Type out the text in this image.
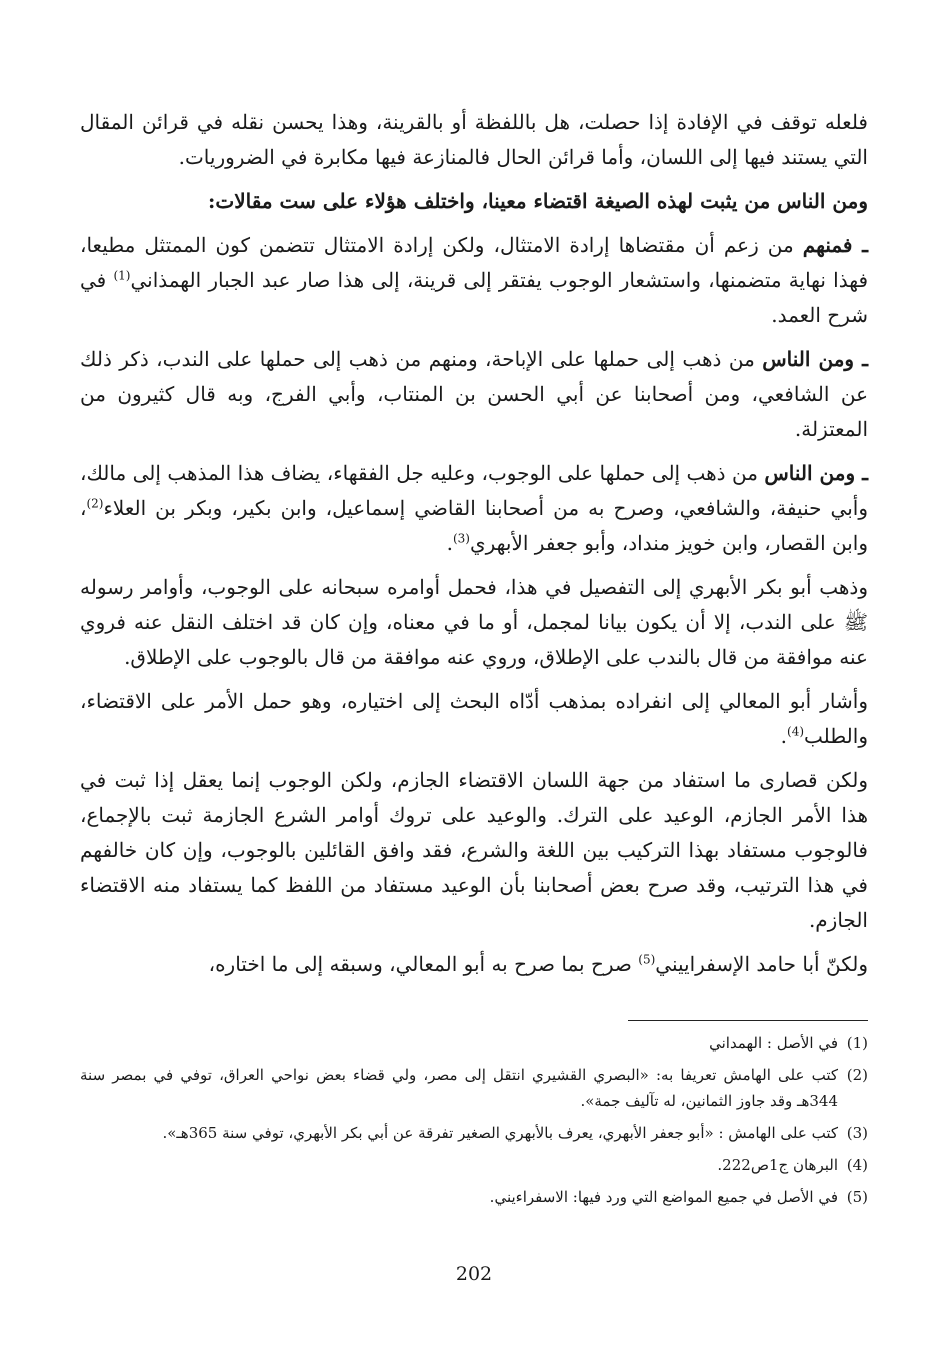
فلعله توقف في الإفادة إذا حصلت، هل باللفظة أو بالقرينة، وهذا يحسن نقله في قرائن المقال التي يستند فيها إلى اللسان، وأما قرائن الحال فالمنازعة فيها مكابرة في الضروريات.

ومن الناس من يثبت لهذه الصيغة اقتضاء معينا، واختلف هؤلاء على ست مقالات:

ـ فمنهم من زعم أن مقتضاها إرادة الامتثال، ولكن إرادة الامتثال تتضمن كون الممتثل مطيعا، فهذا نهاية متضمنها، واستشعار الوجوب يفتقر إلى قرينة، إلى هذا صار عبد الجبار الهمذاني$^{(1)}$ في شرح العمد.

ـ ومن الناس من ذهب إلى حملها على الإباحة، ومنهم من ذهب إلى حملها على الندب، ذكر ذلك عن الشافعي، ومن أصحابنا عن أبي الحسن بن المنتاب، وأبي الفرج، وبه قال كثيرون من المعتزلة.

ـ ومن الناس من ذهب إلى حملها على الوجوب، وعليه جل الفقهاء، يضاف هذا المذهب إلى مالك، وأبي حنيفة، والشافعي، وصرح به من أصحابنا القاضي إسماعيل، وابن بكير، وبكر بن العلاء$^{(2)}$، وابن القصار، وابن خويز منداد، وأبو جعفر الأبهري$^{(3)}$.

وذهب أبو بكر الأبهري إلى التفصيل في هذا، فحمل أوامره سبحانه على الوجوب، وأوامر رسوله ﷺ على الندب، إلا أن يكون بيانا لمجمل، أو ما في معناه، وإن كان قد اختلف النقل عنه فروي عنه موافقة من قال بالندب على الإطلاق، وروي عنه موافقة من قال بالوجوب على الإطلاق.

وأشار أبو المعالي إلى انفراده بمذهب أدّاه البحث إلى اختياره، وهو حمل الأمر على الاقتضاء، والطلب$^{(4)}$.

ولكن قصارى ما استفاد من جهة اللسان الاقتضاء الجازم، ولكن الوجوب إنما يعقل إذا ثبت في هذا الأمر الجازم، الوعيد على الترك. والوعيد على تروك أوامر الشرع الجازمة ثبت بالإجماع، فالوجوب مستفاد بهذا التركيب بين اللغة والشرع، فقد وافق القائلين بالوجوب، وإن كان خالفهم في هذا الترتيب، وقد صرح بعض أصحابنا بأن الوعيد مستفاد من اللفظ كما يستفاد منه الاقتضاء الجازم.

ولكنّ أبا حامد الإسفراييني$^{(5)}$ صرح بما صرح به أبو المعالي، وسبقه إلى ما اختاره،

(1)
في الأصل : الهمداني
(2)
كتب على الهامش تعريفا به: «البصري القشيري انتقل إلى مصر، ولي قضاء بعض نواحي العراق، توفي في بمصر سنة 344هـ وقد جاوز الثمانين، له تآليف جمة».
(3)
كتب على الهامش : «أبو جعفر الأبهري، يعرف بالأبهري الصغير تفرقة عن أبي بكر الأبهري، توفي سنة 365هـ».
(4)
البرهان ج1ص222.
(5)
في الأصل في جميع المواضع التي ورد فيها: الاسفراءيني.
202
